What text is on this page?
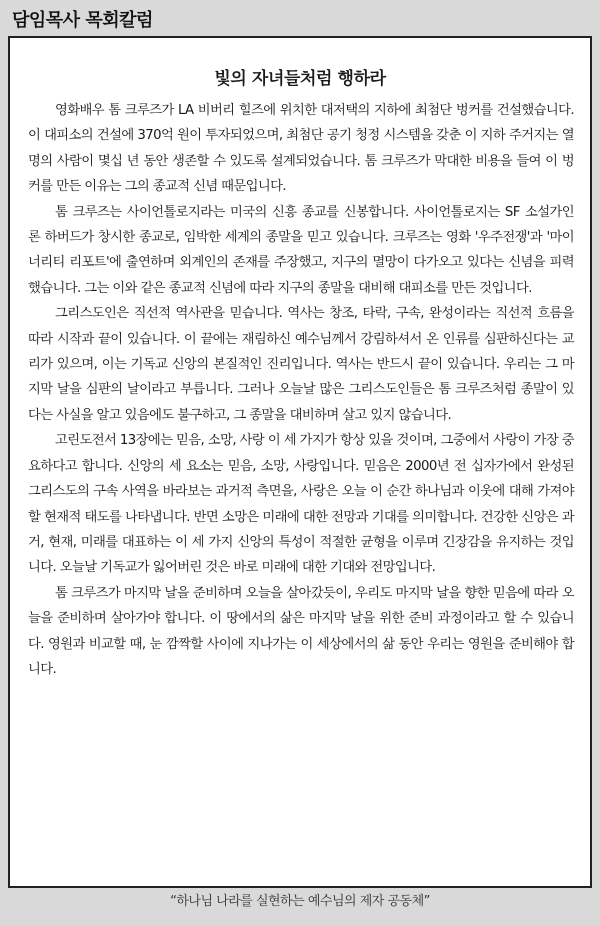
담임목사 목회칼럼
빛의 자녀들처럼 행하라

영화배우 톰 크루즈가 LA 비버리 힐즈에 위치한 대저택의 지하에 최첨단 벙커를 건설했습니다. 이 대피소의 건설에 370억 원이 투자되었으며, 최첨단 공기 청정 시스템을 갖춘 이 지하 주거지는 열 명의 사람이 몇십 년 동안 생존할 수 있도록 설계되었습니다. 톰 크루즈가 막대한 비용을 들여 이 벙커를 만든 이유는 그의 종교적 신념 때문입니다.

톰 크루즈는 사이언톨로지라는 미국의 신흥 종교를 신봉합니다. 사이언톨로지는 SF 소설가인 론 하버드가 창시한 종교로, 임박한 세계의 종말을 믿고 있습니다. 크루즈는 영화 '우주전쟁'과 '마이너리티 리포트'에 출연하며 외계인의 존재를 주장했고, 지구의 멸망이 다가오고 있다는 신념을 피력했습니다. 그는 이와 같은 종교적 신념에 따라 지구의 종말을 대비해 대피소를 만든 것입니다.

그리스도인은 직선적 역사관을 믿습니다. 역사는 창조, 타락, 구속, 완성이라는 직선적 흐름을 따라 시작과 끝이 있습니다. 이 끝에는 재림하신 예수님께서 강림하셔서 온 인류를 심판하신다는 교리가 있으며, 이는 기독교 신앙의 본질적인 진리입니다. 역사는 반드시 끝이 있습니다. 우리는 그 마지막 날을 심판의 날이라고 부릅니다. 그러나 오늘날 많은 그리스도인들은 톰 크루즈처럼 종말이 있다는 사실을 알고 있음에도 불구하고, 그 종말을 대비하며 살고 있지 않습니다.

고린도전서 13장에는 믿음, 소망, 사랑 이 세 가지가 항상 있을 것이며, 그중에서 사랑이 가장 중요하다고 합니다. 신앙의 세 요소는 믿음, 소망, 사랑입니다. 믿음은 2000년 전 십자가에서 완성된 그리스도의 구속 사역을 바라보는 과거적 측면을, 사랑은 오늘 이 순간 하나님과 이웃에 대해 가져야 할 현재적 태도를 나타냅니다. 반면 소망은 미래에 대한 전망과 기대를 의미합니다. 건강한 신앙은 과거, 현재, 미래를 대표하는 이 세 가지 신앙의 특성이 적절한 균형을 이루며 긴장감을 유지하는 것입니다. 오늘날 기독교가 잃어버린 것은 바로 미래에 대한 기대와 전망입니다.

톰 크루즈가 마지막 날을 준비하며 오늘을 살아갔듯이, 우리도 마지막 날을 향한 믿음에 따라 오늘을 준비하며 살아가야 합니다. 이 땅에서의 삶은 마지막 날을 위한 준비 과정이라고 할 수 있습니다. 영원과 비교할 때, 눈 깜짝할 사이에 지나가는 이 세상에서의 삶 동안 우리는 영원을 준비해야 합니다.

“하나님 나라를 실현하는 예수님의 제자 공동체”
